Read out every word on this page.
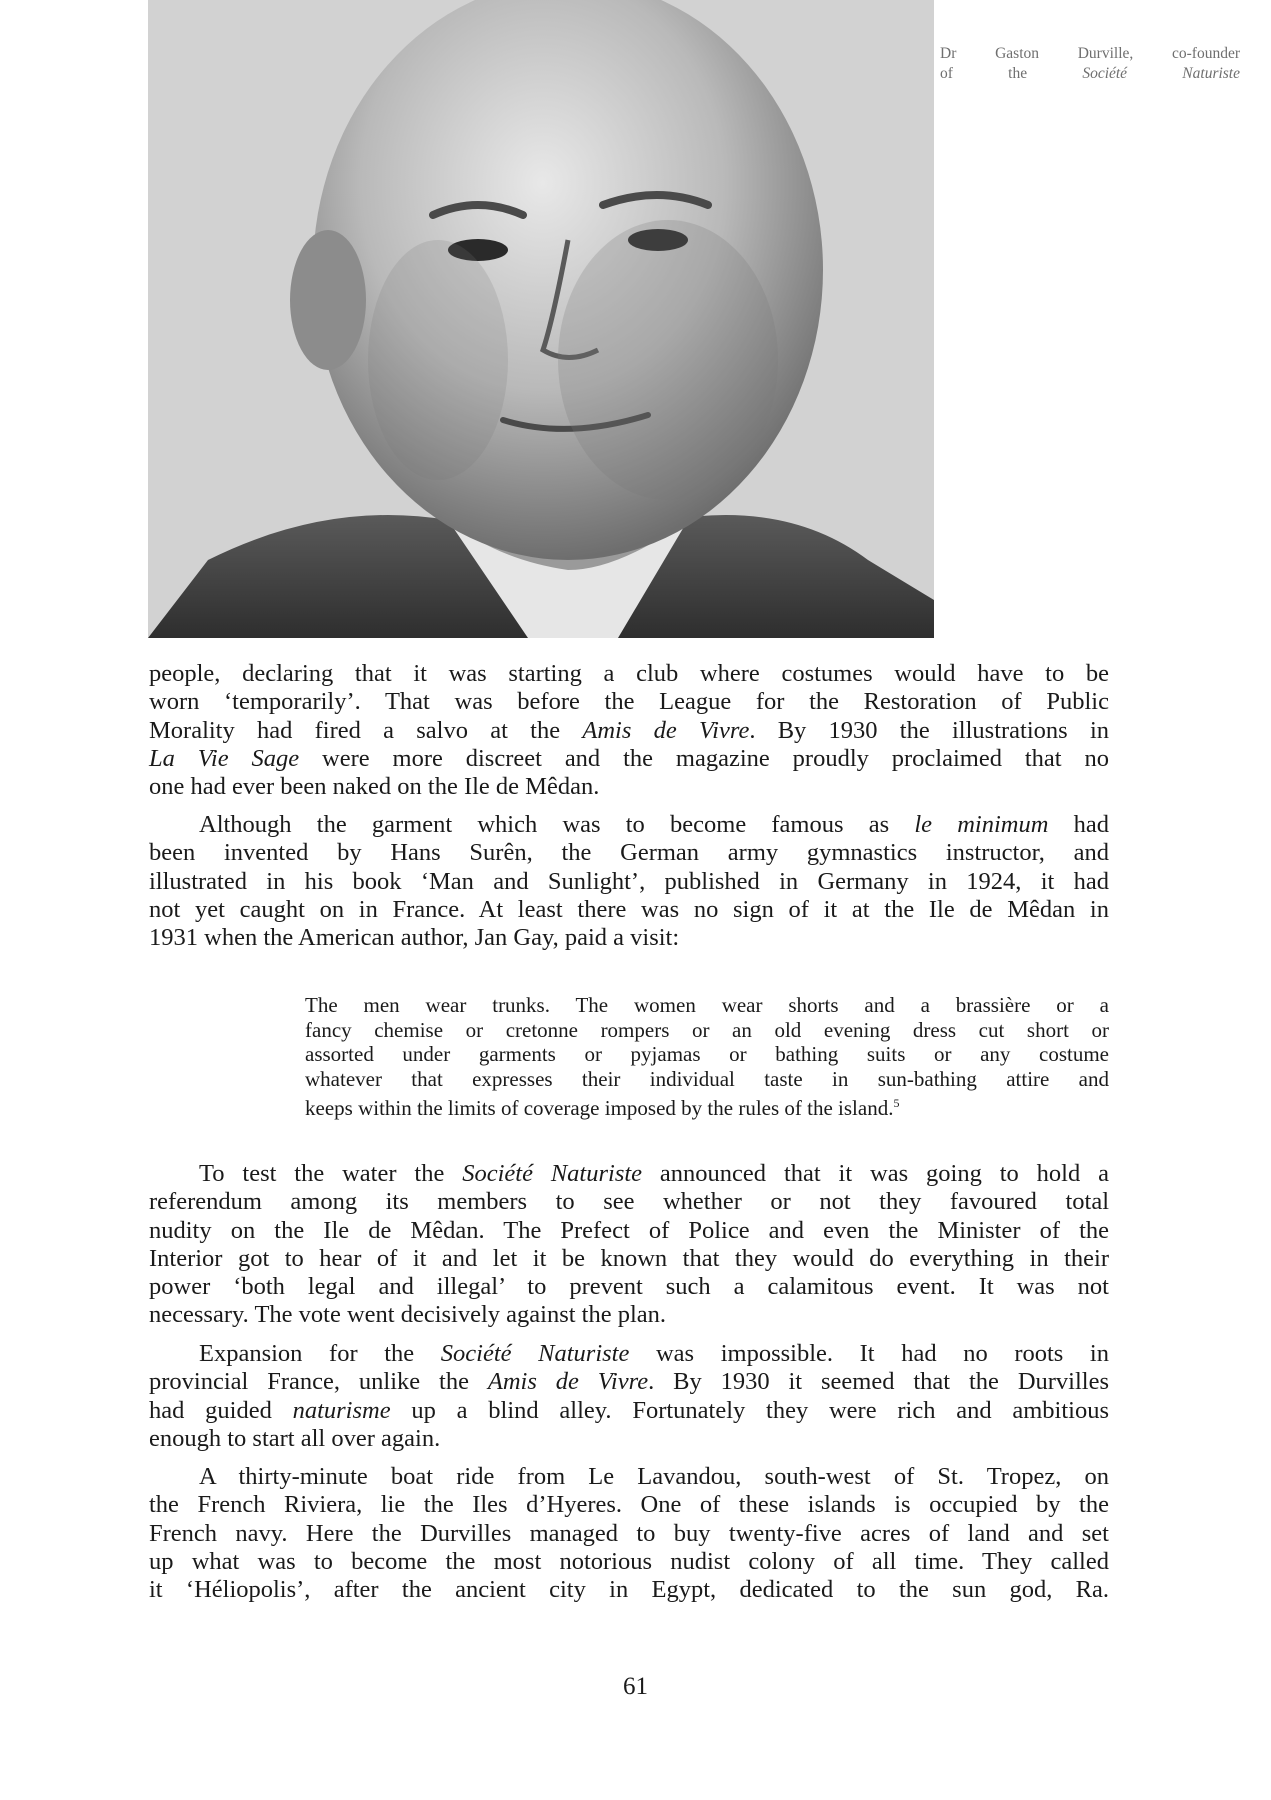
Dr Gaston Durville, co-founder
of the Société Naturiste
people, declaring that it was starting a club where costumes would have to be
worn ‘temporarily’. That was before the League for the Restoration of Public
Morality had fired a salvo at the Amis de Vivre. By 1930 the illustrations in
La Vie Sage were more discreet and the magazine proudly proclaimed that no
one had ever been naked on the Ile de Mêdan.
Although the garment which was to become famous as le minimum had
been invented by Hans Surên, the German army gymnastics instructor, and
illustrated in his book ‘Man and Sunlight’, published in Germany in 1924, it had
not yet caught on in France. At least there was no sign of it at the Ile de Mêdan in
1931 when the American author, Jan Gay, paid a visit:
The men wear trunks. The women wear shorts and a brassière or a
fancy chemise or cretonne rompers or an old evening dress cut short or
assorted under garments or pyjamas or bathing suits or any costume
whatever that expresses their individual taste in sun-bathing attire and
keeps within the limits of coverage imposed by the rules of the island.$^5$
To test the water the Société Naturiste announced that it was going to hold a
referendum among its members to see whether or not they favoured total
nudity on the Ile de Mêdan. The Prefect of Police and even the Minister of the
Interior got to hear of it and let it be known that they would do everything in their
power ‘both legal and illegal’ to prevent such a calamitous event. It was not
necessary. The vote went decisively against the plan.
Expansion for the Société Naturiste was impossible. It had no roots in
provincial France, unlike the Amis de Vivre. By 1930 it seemed that the Durvilles
had guided naturisme up a blind alley. Fortunately they were rich and ambitious
enough to start all over again.
A thirty-minute boat ride from Le Lavandou, south-west of St. Tropez, on
the French Riviera, lie the Iles d’Hyeres. One of these islands is occupied by the
French navy. Here the Durvilles managed to buy twenty-five acres of land and set
up what was to become the most notorious nudist colony of all time. They called
it ‘Héliopolis’, after the ancient city in Egypt, dedicated to the sun god, Ra.
61
